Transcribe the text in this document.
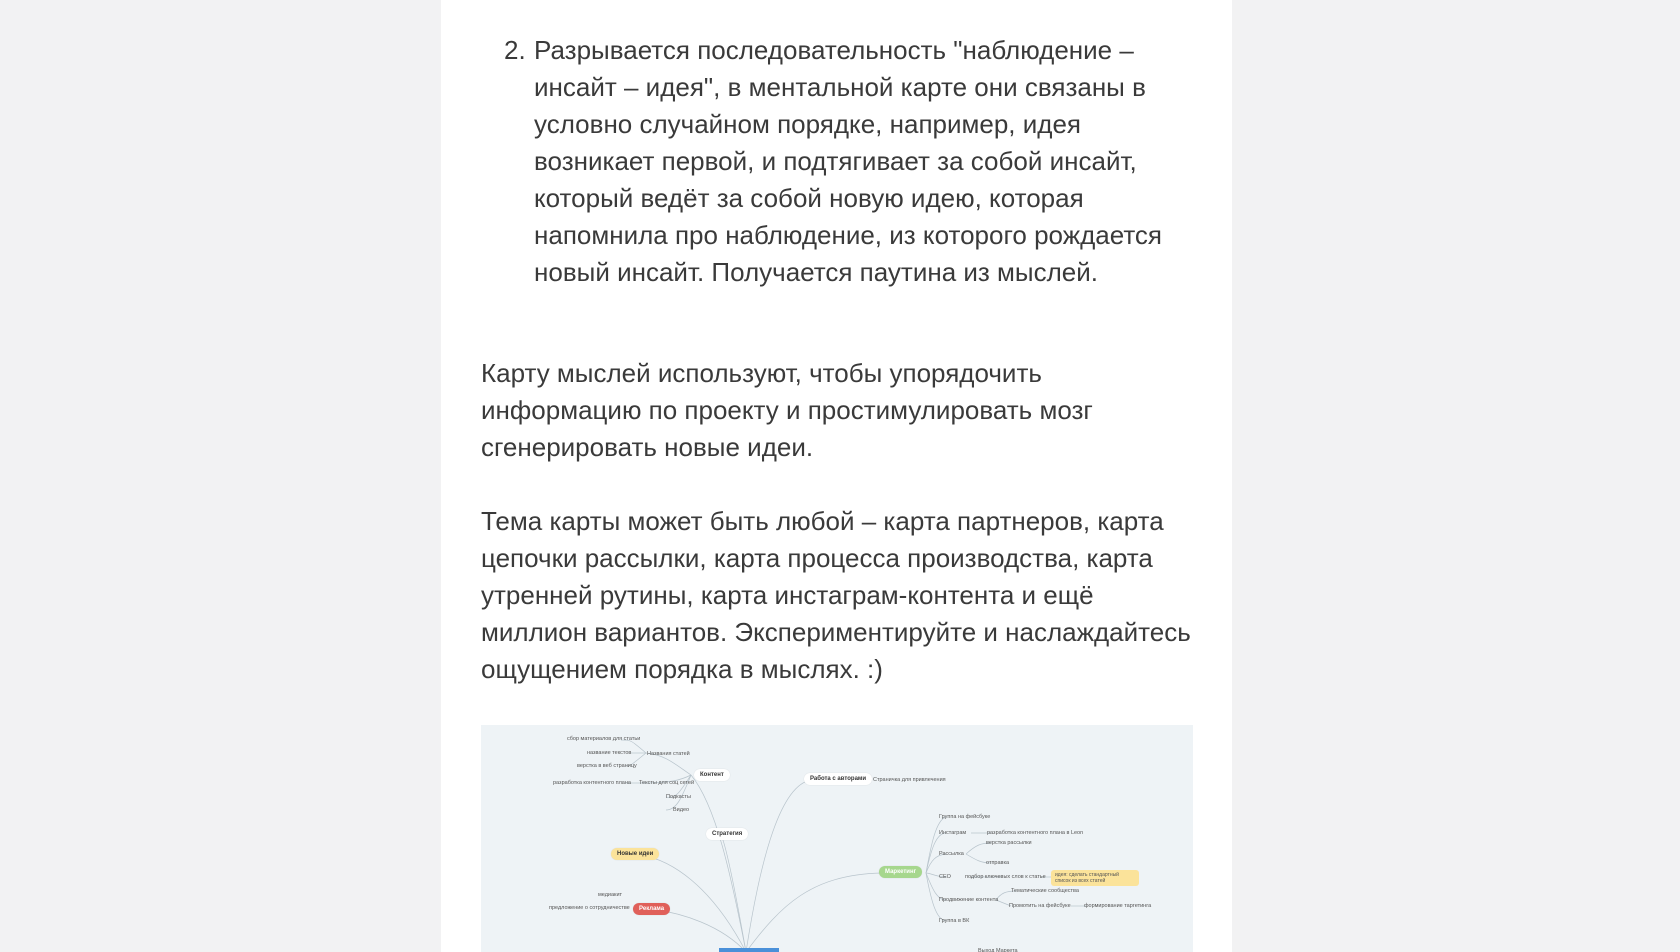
2. Разрывается последовательность "наблюдение – инсайт – идея", в ментальной карте они связаны в условно случайном порядке, например, идея возникает первой, и подтягивает за собой инсайт, который ведёт за собой новую идею, которая напомнила про наблюдение, из которого рождается новый инсайт. Получается паутина из мыслей.

Карту мыслей используют, чтобы упорядочить информацию по проекту и простимулировать мозг сгенерировать новые идеи.

Тема карты может быть любой – карта партнеров, карта цепочки рассылки, карта процесса производства, карта утренней рутины, карта инстаграм-контента и ещё миллион вариантов. Экспериментируйте и наслаждайтесь ощущением порядка в мыслях. :)

Контент
Стратегия
Новые идеи
Реклама
Работа с авторами
Маркетинг
сбор материалов для статьи
название текстов
верстка в веб страницу
разработка контентного плана
Названия статей
Тексты для соц сетей
Подкасты
Видео
Страничка для привлечения
медиакит
предложение о сотрудничестве
Группа на фейсбуке
Инстаграм	разработка контентного плана в Leon
Рассылка
верстка рассылки
отправка
СЕО	подбор ключевых слов к статье	идея: сделать стандартный список из всех статей
Продвижение контента
Тематические сообщества
Промотить на фейсбуке формирование таргетинга
Группа в ВК
Выход Маркета
